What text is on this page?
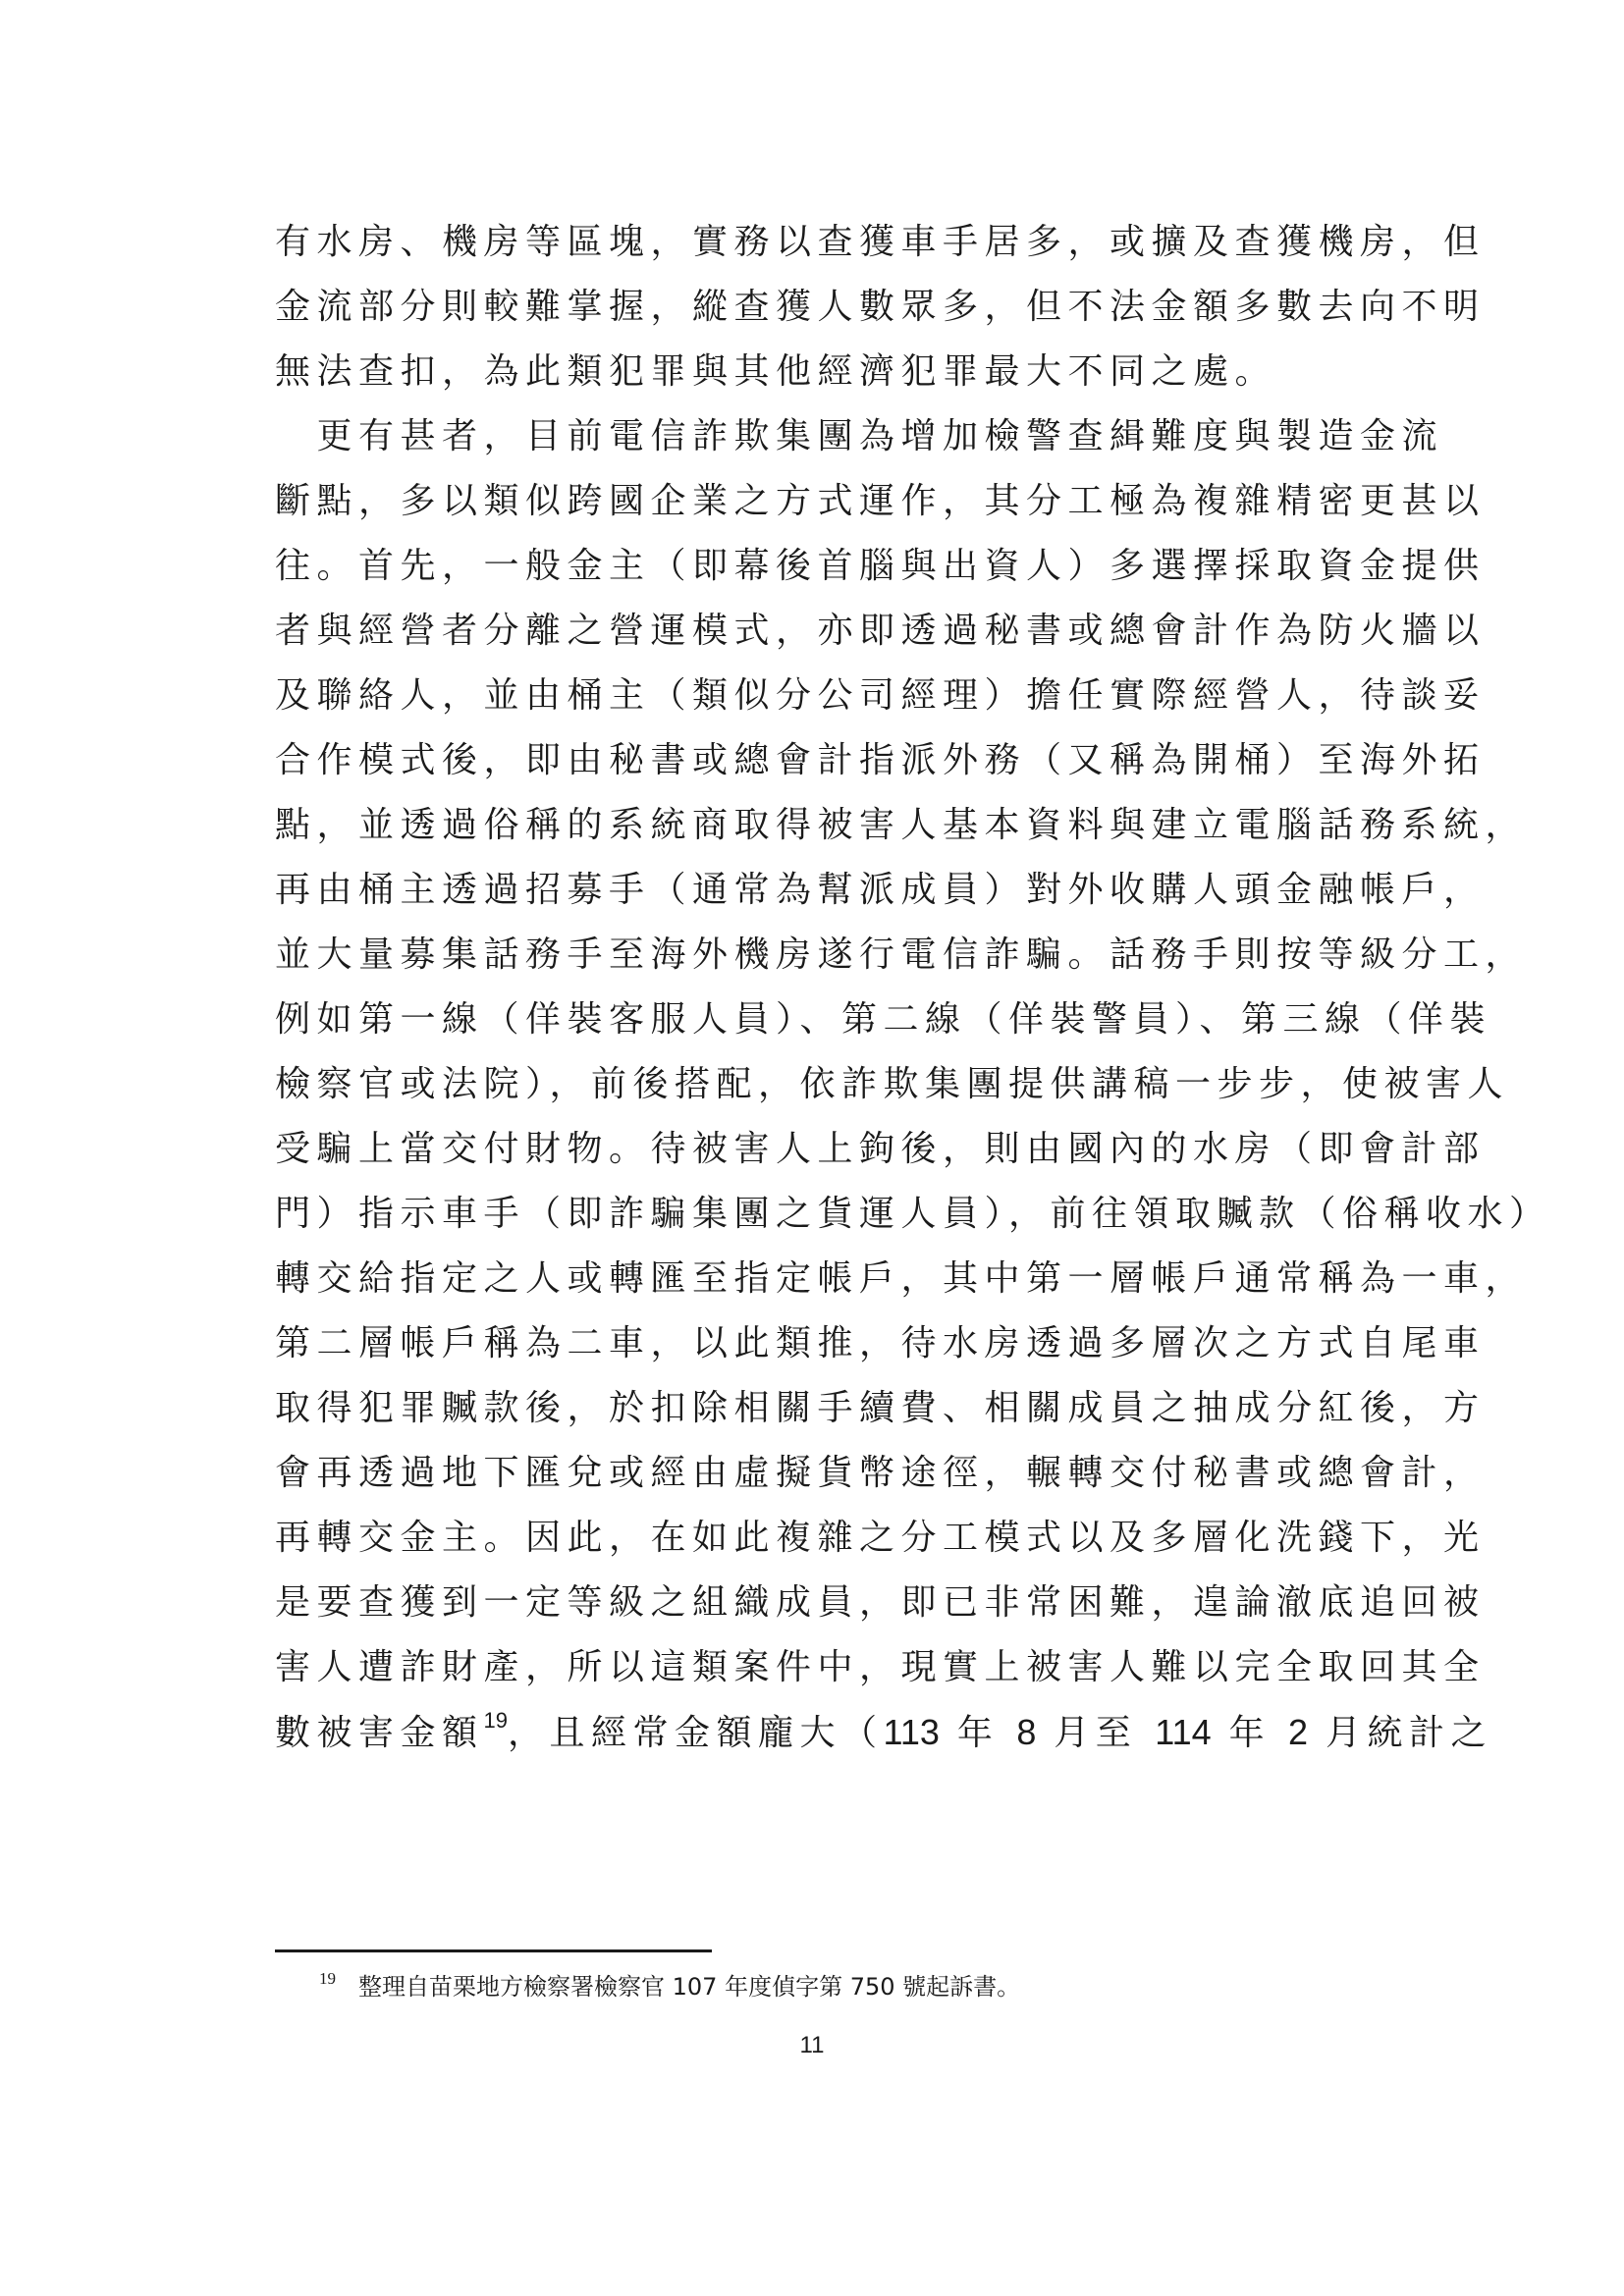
有水房、機房等區塊，實務以查獲車手居多，或擴及查獲機房，但
金流部分則較難掌握，縱查獲人數眾多，但不法金額多數去向不明
無法查扣，為此類犯罪與其他經濟犯罪最大不同之處。
　更有甚者，目前電信詐欺集團為增加檢警查緝難度與製造金流
斷點，多以類似跨國企業之方式運作，其分工極為複雜精密更甚以
往。首先，一般金主（即幕後首腦與出資人）多選擇採取資金提供
者與經營者分離之營運模式，亦即透過秘書或總會計作為防火牆以
及聯絡人，並由桶主（類似分公司經理）擔任實際經營人，待談妥
合作模式後，即由秘書或總會計指派外務（又稱為開桶）至海外拓
點，並透過俗稱的系統商取得被害人基本資料與建立電腦話務系統，
再由桶主透過招募手（通常為幫派成員）對外收購人頭金融帳戶，
並大量募集話務手至海外機房遂行電信詐騙。話務手則按等級分工，
例如第一線（佯裝客服人員）、第二線（佯裝警員）、第三線（佯裝
檢察官或法院），前後搭配，依詐欺集團提供講稿一步步，使被害人
受騙上當交付財物。待被害人上鉤後，則由國內的水房（即會計部
門）指示車手（即詐騙集團之貨運人員），前往領取贓款（俗稱收水）
轉交給指定之人或轉匯至指定帳戶，其中第一層帳戶通常稱為一車，
第二層帳戶稱為二車，以此類推，待水房透過多層次之方式自尾車
取得犯罪贓款後，於扣除相關手續費、相關成員之抽成分紅後，方
會再透過地下匯兌或經由虛擬貨幣途徑，輾轉交付秘書或總會計，
再轉交金主。因此，在如此複雜之分工模式以及多層化洗錢下，光
是要查獲到一定等級之組織成員，即已非常困難，遑論澈底追回被
害人遭詐財產，所以這類案件中，現實上被害人難以完全取回其全
數被害金額$^{19}$，且經常金額龐大（113 年 8 月至 114 年 2 月統計之
19 整理自苗栗地方檢察署檢察官 107 年度偵字第 750 號起訴書。
11
